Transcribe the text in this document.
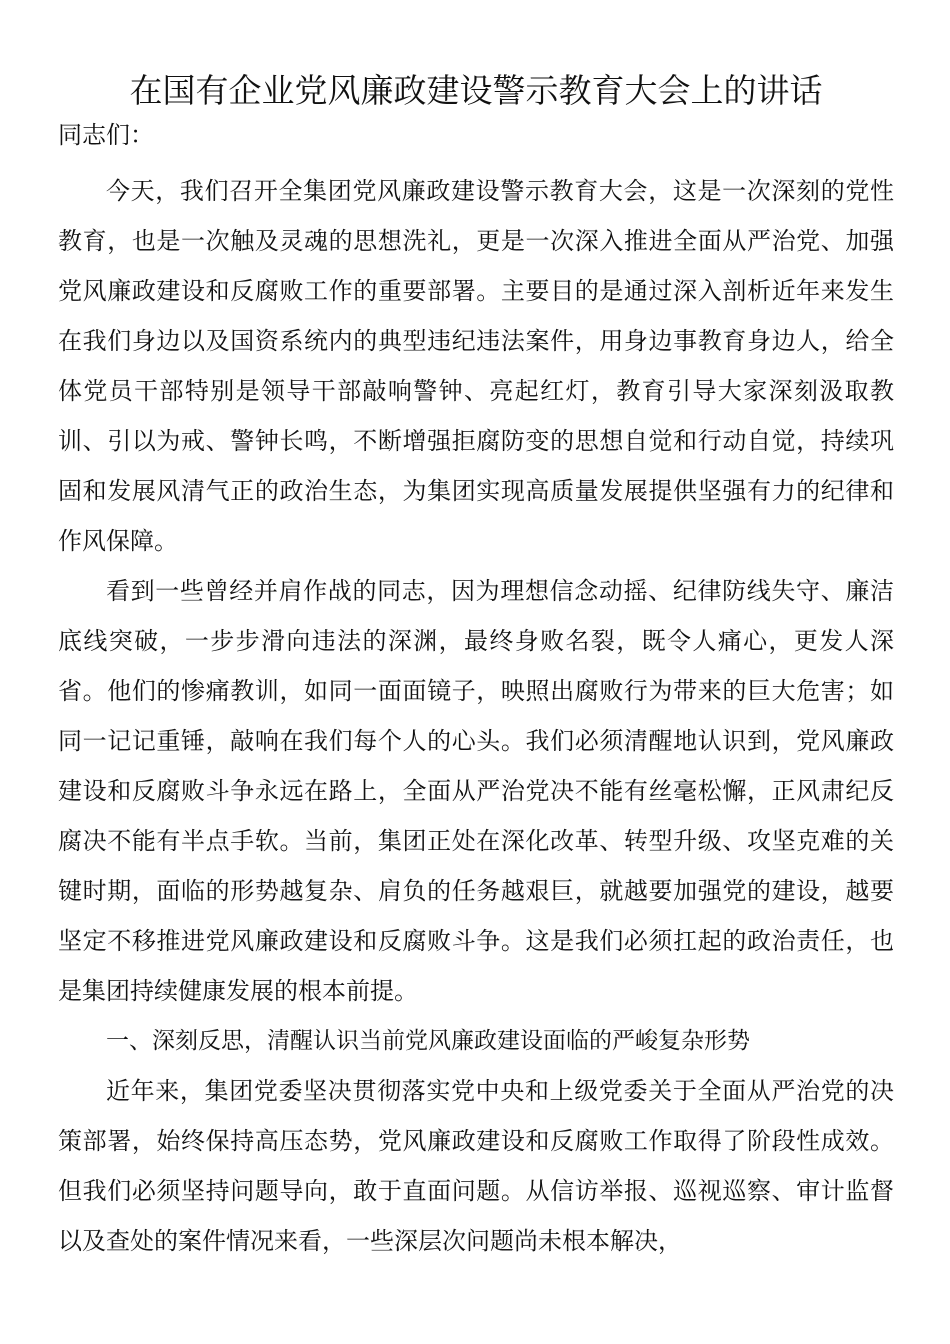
在国有企业党风廉政建设警示教育大会上的讲话

同志们：

今天，我们召开全集团党风廉政建设警示教育大会，这是一次深刻的党性教育，也是一次触及灵魂的思想洗礼，更是一次深入推进全面从严治党、加强党风廉政建设和反腐败工作的重要部署。主要目的是通过深入剖析近年来发生在我们身边以及国资系统内的典型违纪违法案件，用身边事教育身边人，给全体党员干部特别是领导干部敲响警钟、亮起红灯，教育引导大家深刻汲取教训、引以为戒、警钟长鸣，不断增强拒腐防变的思想自觉和行动自觉，持续巩固和发展风清气正的政治生态，为集团实现高质量发展提供坚强有力的纪律和作风保障。

看到一些曾经并肩作战的同志，因为理想信念动摇、纪律防线失守、廉洁底线突破，一步步滑向违法的深渊，最终身败名裂，既令人痛心，更发人深省。他们的惨痛教训，如同一面面镜子，映照出腐败行为带来的巨大危害；如同一记记重锤，敲响在我们每个人的心头。我们必须清醒地认识到，党风廉政建设和反腐败斗争永远在路上，全面从严治党决不能有丝毫松懈，正风肃纪反腐决不能有半点手软。当前，集团正处在深化改革、转型升级、攻坚克难的关键时期，面临的形势越复杂、肩负的任务越艰巨，就越要加强党的建设，越要坚定不移推进党风廉政建设和反腐败斗争。这是我们必须扛起的政治责任，也是集团持续健康发展的根本前提。

一、深刻反思，清醒认识当前党风廉政建设面临的严峻复杂形势

近年来，集团党委坚决贯彻落实党中央和上级党委关于全面从严治党的决策部署，始终保持高压态势，党风廉政建设和反腐败工作取得了阶段性成效。但我们必须坚持问题导向，敢于直面问题。从信访举报、巡视巡察、审计监督以及查处的案件情况来看，一些深层次问题尚未根本解决，
